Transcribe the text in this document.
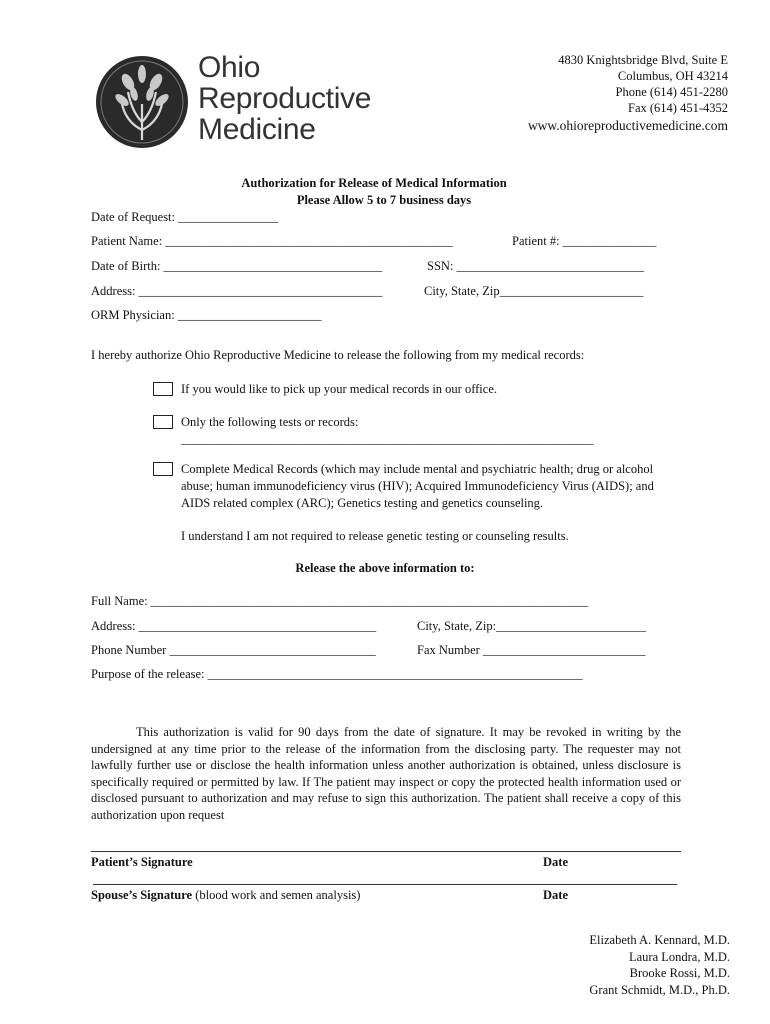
Ohio
Reproductive
Medicine
4830 Knightsbridge Blvd, Suite E
Columbus, OH 43214
Phone (614) 451-2280
Fax (614) 451-4352
www.ohioreproductivemedicine.com
Authorization for Release of Medical Information
Please Allow 5 to 7 business days
Date of Request: ________________
Patient Name: ______________________________________________	Patient #: _______________
Date of Birth: ___________________________________	SSN: ______________________________
Address: _______________________________________	City, State, Zip_______________________
ORM Physician: _______________________
I hereby authorize Ohio Reproductive Medicine to release the following from my medical records:
If you would like to pick up your medical records in our office.
Only the following tests or records:
__________________________________________________________________
Complete Medical Records (which may include mental and psychiatric health; drug or alcohol abuse; human immunodeficiency virus (HIV); Acquired Immunodeficiency Virus (AIDS); and AIDS related complex (ARC); Genetics testing and genetics counseling.
I understand I am not required to release genetic testing or counseling results.
Release the above information to:
Full Name: ______________________________________________________________________
Address: ______________________________________	City, State, Zip:________________________
Phone Number _________________________________	Fax Number __________________________
Purpose of the release: ____________________________________________________________
This authorization is valid for 90 days from the date of signature. It may be revoked in writing by the undersigned at any time prior to the release of the information from the disclosing party. The requester may not lawfully further use or disclose the health information unless another authorization is obtained, unless disclosure is specifically required or permitted by law. If The patient may inspect or copy the protected health information used or disclosed pursuant to authorization and may refuse to sign this authorization. The patient shall receive a copy of this authorization upon request
Patient’s Signature	Date
Spouse’s Signature (blood work and semen analysis)	Date
Elizabeth A. Kennard, M.D.
Laura Londra, M.D.
Brooke Rossi, M.D.
Grant Schmidt, M.D., Ph.D.
